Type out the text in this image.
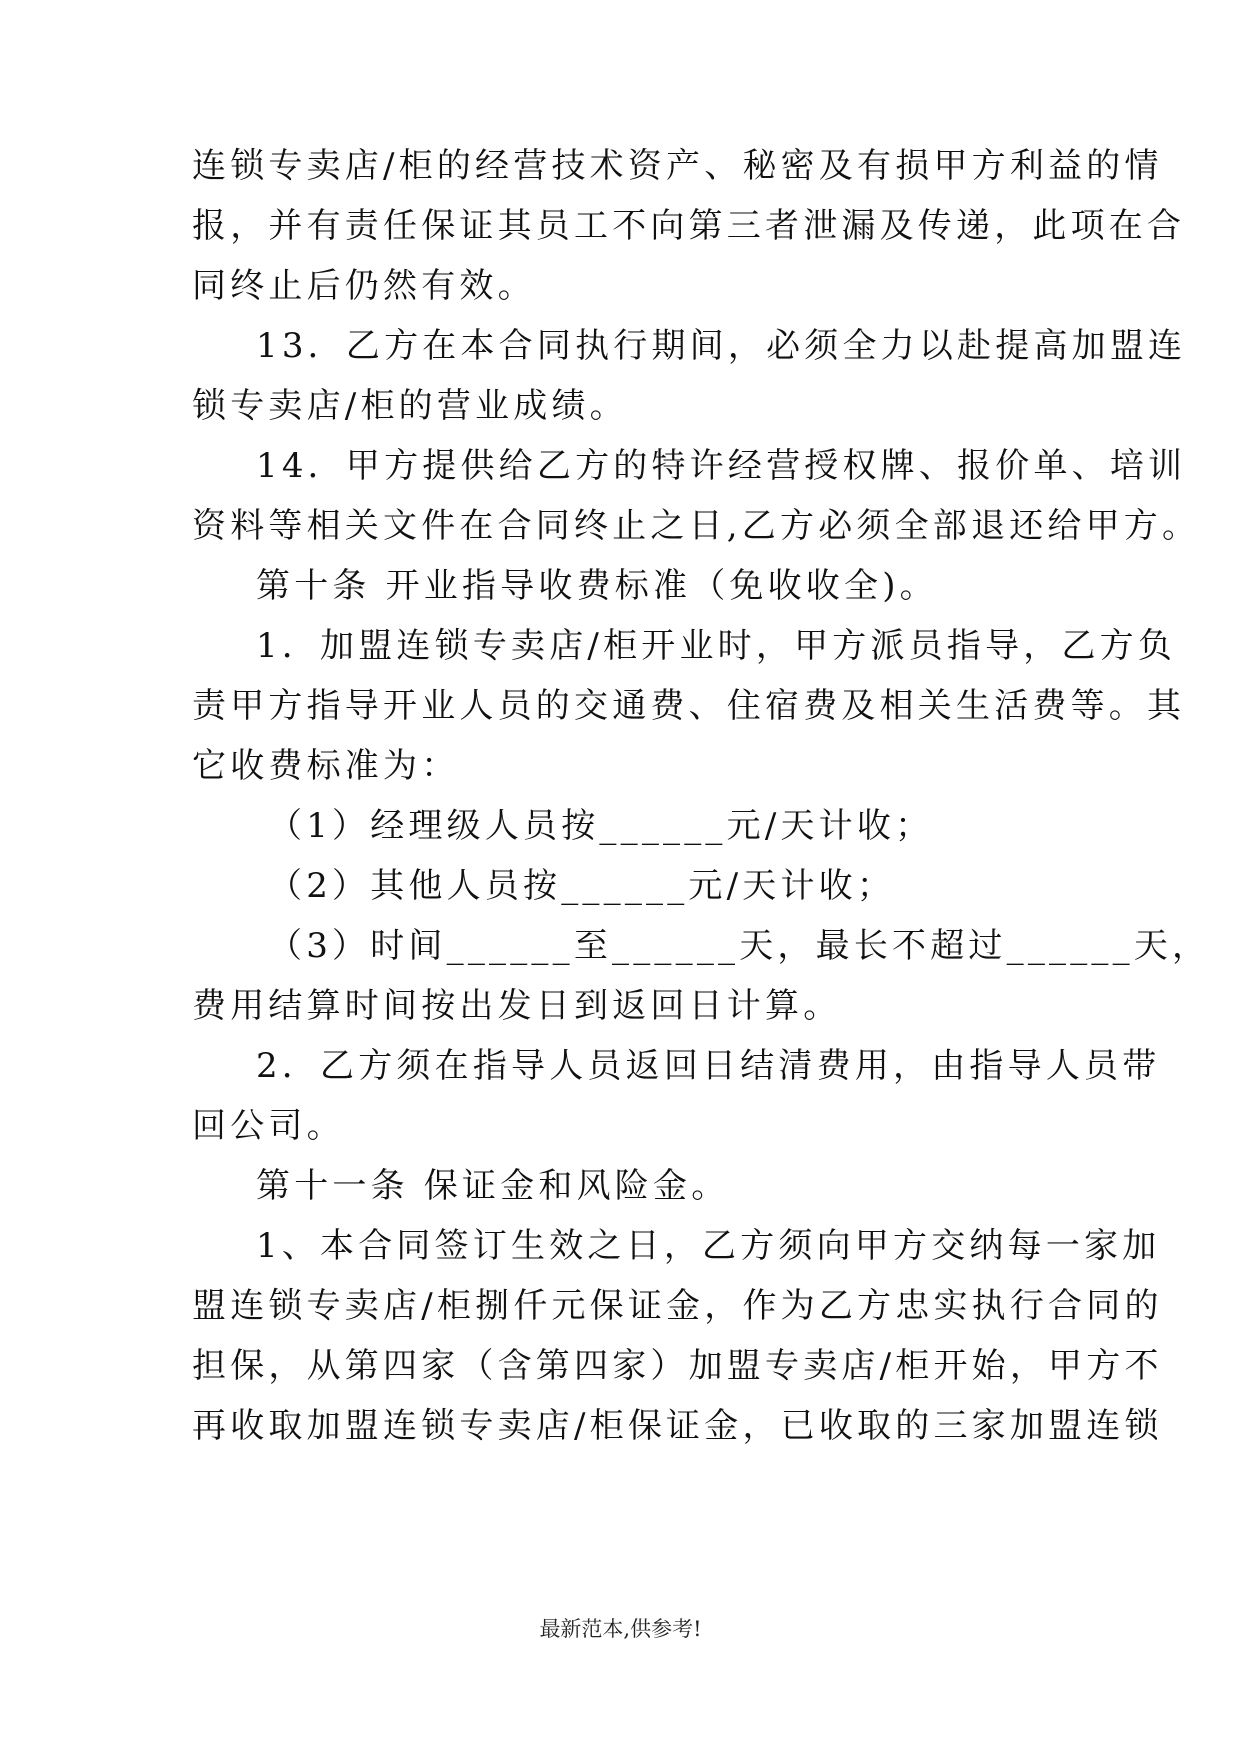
连锁专卖店/柜的经营技术资产、秘密及有损甲方利益的情
报，并有责任保证其员工不向第三者泄漏及传递，此项在合
同终止后仍然有效。
13．乙方在本合同执行期间，必须全力以赴提高加盟连
锁专卖店/柜的营业成绩。
14．甲方提供给乙方的特许经营授权牌、报价单、培训
资料等相关文件在合同终止之日,乙方必须全部退还给甲方。
第十条 开业指导收费标准（免收收全)。
1．加盟连锁专卖店/柜开业时，甲方派员指导，乙方负
责甲方指导开业人员的交通费、住宿费及相关生活费等。其
它收费标准为：
（1）经理级人员按______元/天计收；
（2）其他人员按______元/天计收；
（3）时间______至______天，最长不超过______天，
费用结算时间按出发日到返回日计算。
2．乙方须在指导人员返回日结清费用，由指导人员带
回公司。
第十一条 保证金和风险金。
1、本合同签订生效之日，乙方须向甲方交纳每一家加
盟连锁专卖店/柜捌仟元保证金，作为乙方忠实执行合同的
担保，从第四家（含第四家）加盟专卖店/柜开始，甲方不
再收取加盟连锁专卖店/柜保证金，已收取的三家加盟连锁
最新范本,供参考!
